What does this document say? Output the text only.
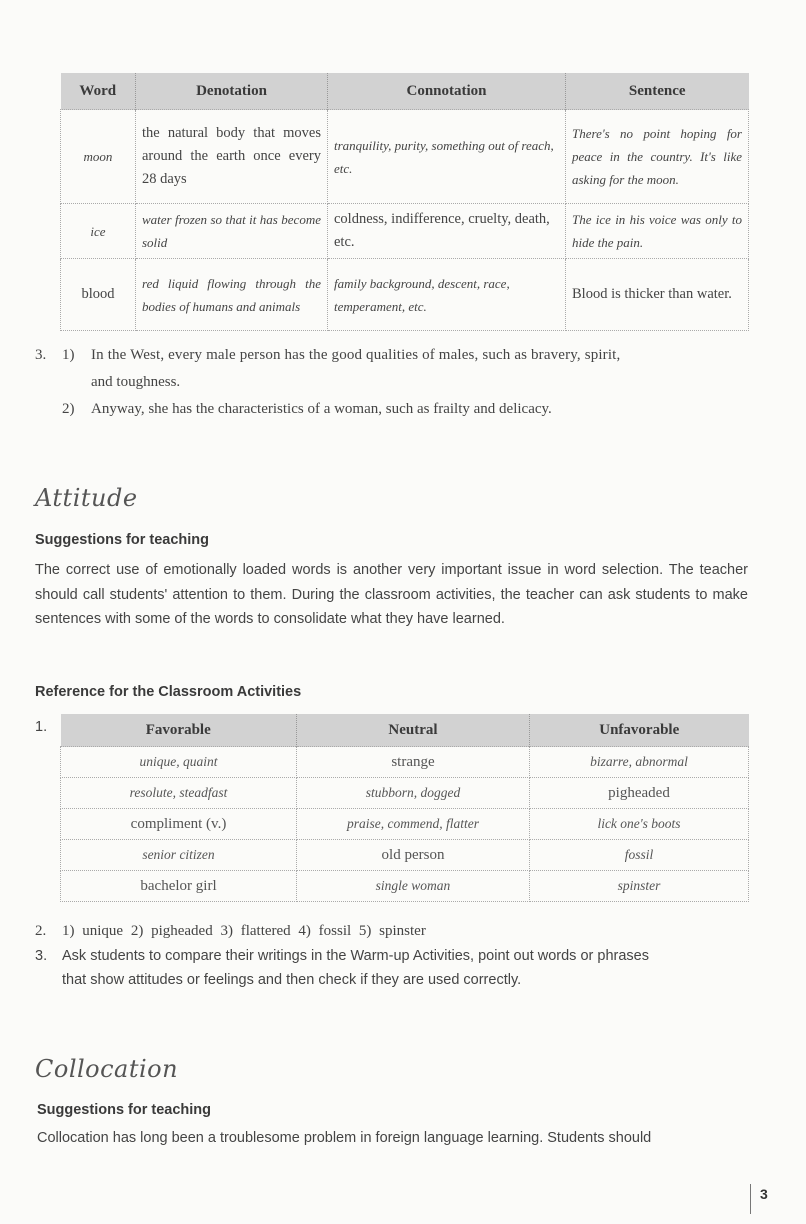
Word	Denotation	Connotation	Sentence
moon	the natural body that moves around the earth once every 28 days	tranquility, purity, something out of reach, etc.	There's no point hoping for peace in the country. It's like asking for the moon.
ice	water frozen so that it has become solid	coldness, indifference, cruelty, death, etc.	The ice in his voice was only to hide the pain.
blood	red liquid flowing through the bodies of humans and animals	family background, descent, race, temperament, etc.	Blood is thicker than water.
3. 1) In the West, every male person has the good qualities of males, such as bravery, spirit,
and toughness.
2) Anyway, she has the characteristics of a woman, such as frailty and delicacy.
Attitude
Suggestions for teaching
The correct use of emotionally loaded words is another very important issue in word selection. The teacher should call students' attention to them. During the classroom activities, the teacher can ask students to make sentences with some of the words to consolidate what they have learned.
Reference for the Classroom Activities
1.	Favorable	Neutral	Unfavorable
unique, quaint	strange	bizarre, abnormal
resolute, steadfast	stubborn, dogged	pigheaded
compliment (v.)	praise, commend, flatter	lick one's boots
senior citizen	old person	fossil
bachelor girl	single woman	spinster
2. 1) unique 2) pigheaded 3) flattered 4) fossil 5) spinster
3. Ask students to compare their writings in the Warm-up Activities, point out words or phrases
that show attitudes or feelings and then check if they are used correctly.
Collocation
Suggestions for teaching
Collocation has long been a troublesome problem in foreign language learning. Students should
3
